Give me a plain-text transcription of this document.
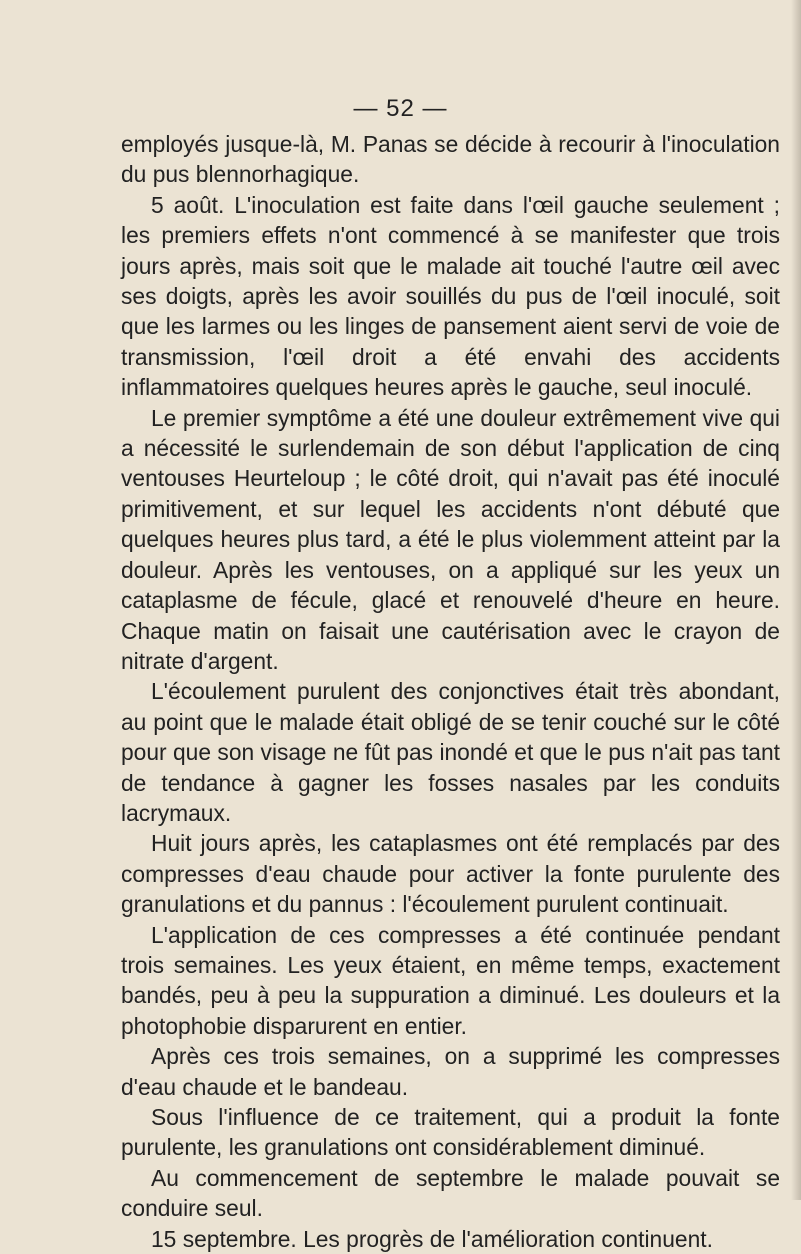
— 52 —

employés jusque-là, M. Panas se décide à recourir à l'inoculation du pus blennorhagique.

5 août. L'inoculation est faite dans l'œil gauche seulement ; les premiers effets n'ont commencé à se manifester que trois jours après, mais soit que le malade ait touché l'autre œil avec ses doigts, après les avoir souillés du pus de l'œil inoculé, soit que les larmes ou les linges de pansement aient servi de voie de transmission, l'œil droit a été envahi des accidents inflammatoires quelques heures après le gauche, seul inoculé.

Le premier symptôme a été une douleur extrêmement vive qui a nécessité le surlendemain de son début l'application de cinq ventouses Heurteloup ; le côté droit, qui n'avait pas été inoculé primitivement, et sur lequel les accidents n'ont débuté que quelques heures plus tard, a été le plus violemment atteint par la douleur. Après les ventouses, on a appliqué sur les yeux un cataplasme de fécule, glacé et renouvelé d'heure en heure. Chaque matin on faisait une cautérisation avec le crayon de nitrate d'argent.

L'écoulement purulent des conjonctives était très abondant, au point que le malade était obligé de se tenir couché sur le côté pour que son visage ne fût pas inondé et que le pus n'ait pas tant de tendance à gagner les fosses nasales par les conduits lacrymaux.

Huit jours après, les cataplasmes ont été remplacés par des compresses d'eau chaude pour activer la fonte purulente des granulations et du pannus : l'écoulement purulent continuait.

L'application de ces compresses a été continuée pendant trois semaines. Les yeux étaient, en même temps, exactement bandés, peu à peu la suppuration a diminué. Les douleurs et la photophobie disparurent en entier.

Après ces trois semaines, on a supprimé les compresses d'eau chaude et le bandeau.

Sous l'influence de ce traitement, qui a produit la fonte purulente, les granulations ont considérablement diminué.

Au commencement de septembre le malade pouvait se conduire seul.

15 septembre. Les progrès de l'amélioration continuent.
